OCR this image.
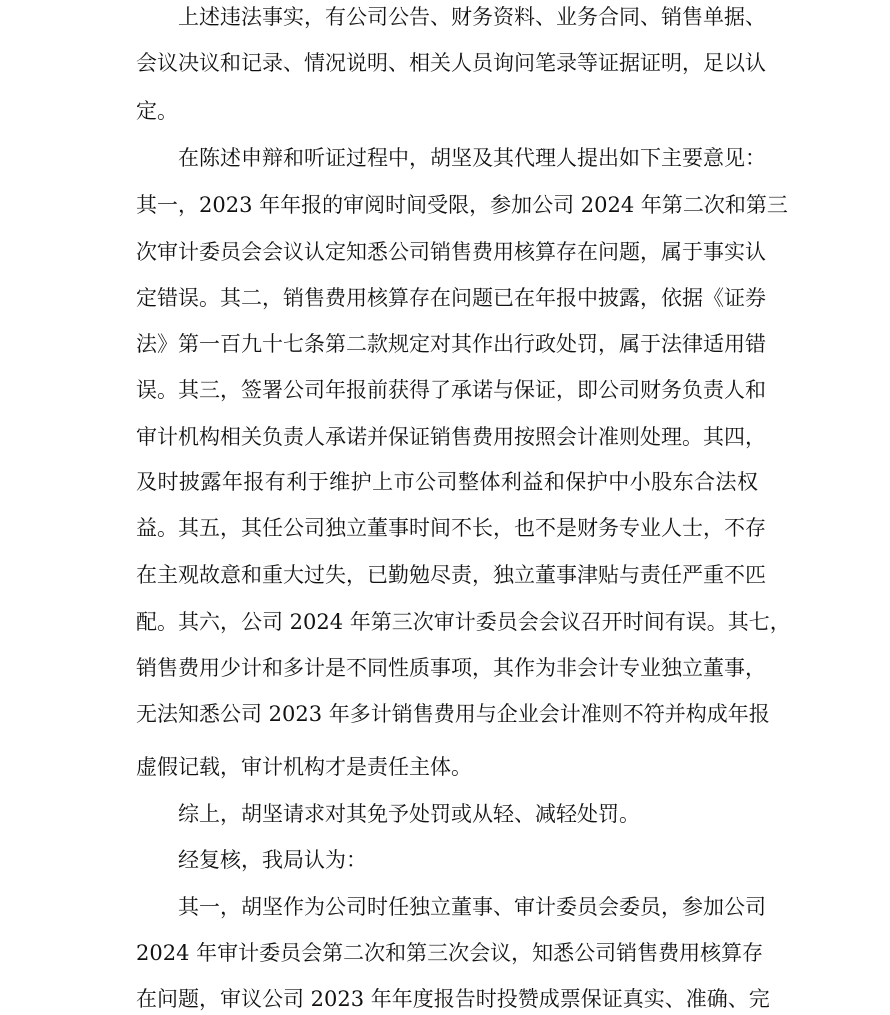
上述违法事实，有公司公告、财务资料、业务合同、销售单据、
会议决议和记录、情况说明、相关人员询问笔录等证据证明，足以认
定。
在陈述申辩和听证过程中，胡坚及其代理人提出如下主要意见：
其一，2023 年年报的审阅时间受限，参加公司 2024 年第二次和第三
次审计委员会会议认定知悉公司销售费用核算存在问题，属于事实认
定错误。其二，销售费用核算存在问题已在年报中披露，依据《证券
法》第一百九十七条第二款规定对其作出行政处罚，属于法律适用错
误。其三，签署公司年报前获得了承诺与保证，即公司财务负责人和
审计机构相关负责人承诺并保证销售费用按照会计准则处理。其四，
及时披露年报有利于维护上市公司整体利益和保护中小股东合法权
益。其五，其任公司独立董事时间不长，也不是财务专业人士，不存
在主观故意和重大过失，已勤勉尽责，独立董事津贴与责任严重不匹
配。其六，公司 2024 年第三次审计委员会会议召开时间有误。其七，
销售费用少计和多计是不同性质事项，其作为非会计专业独立董事，
无法知悉公司 2023 年多计销售费用与企业会计准则不符并构成年报
虚假记载，审计机构才是责任主体。
综上，胡坚请求对其免予处罚或从轻、减轻处罚。
经复核，我局认为：
其一，胡坚作为公司时任独立董事、审计委员会委员，参加公司
2024 年审计委员会第二次和第三次会议，知悉公司销售费用核算存
在问题，审议公司 2023 年年度报告时投赞成票保证真实、准确、完
